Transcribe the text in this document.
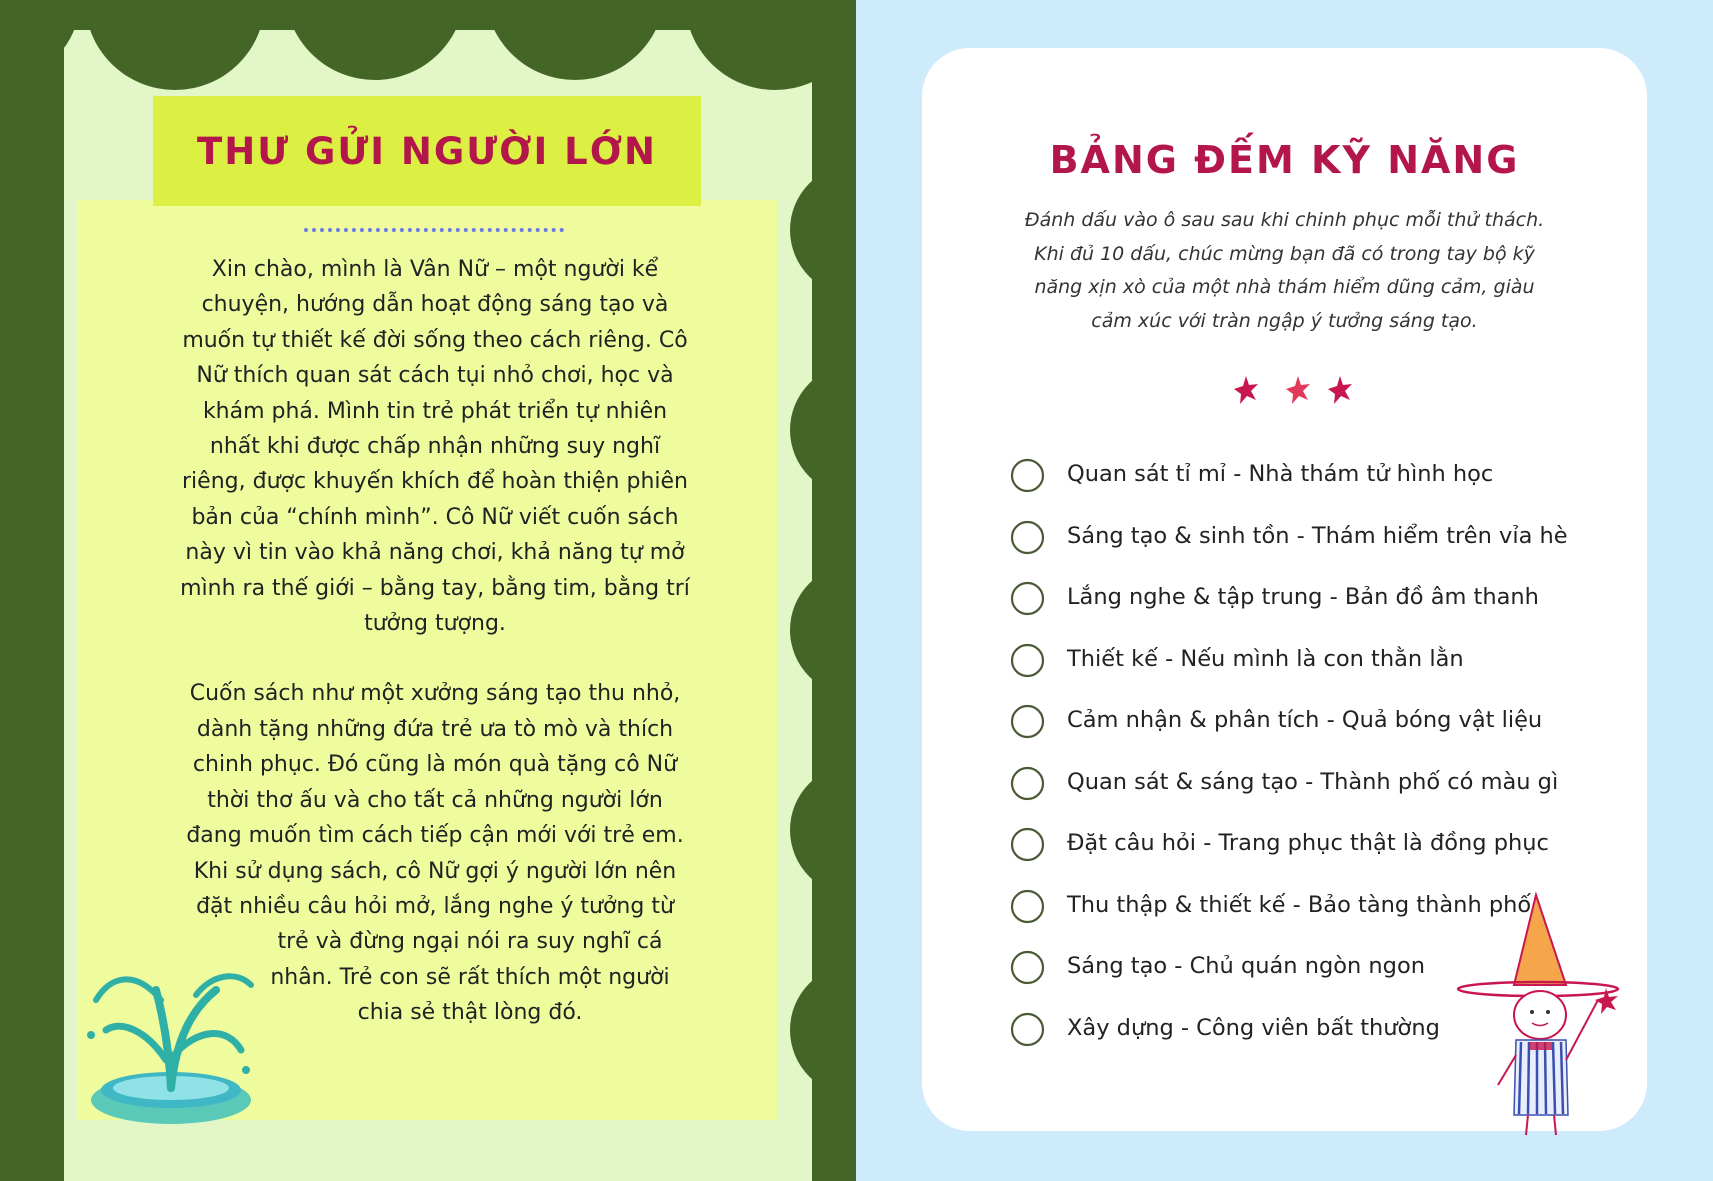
THƯ GỬI NGƯỜI LỚN

Xin chào, mình là Vân Nữ – một người kể chuyện, hướng dẫn hoạt động sáng tạo và muốn tự thiết kế đời sống theo cách riêng. Cô Nữ thích quan sát cách tụi nhỏ chơi, học và khám phá. Mình tin trẻ phát triển tự nhiên nhất khi được chấp nhận những suy nghĩ riêng, được khuyến khích để hoàn thiện phiên bản của “chính mình”. Cô Nữ viết cuốn sách này vì tin vào khả năng chơi, khả năng tự mở mình ra thế giới – bằng tay, bằng tim, bằng trí tưởng tượng.

Cuốn sách như một xưởng sáng tạo thu nhỏ, dành tặng những đứa trẻ ưa tò mò và thích chinh phục. Đó cũng là món quà tặng cô Nữ thời thơ ấu và cho tất cả những người lớn đang muốn tìm cách tiếp cận mới với trẻ em. Khi sử dụng sách, cô Nữ gợi ý người lớn nên đặt nhiều câu hỏi mở, lắng nghe ý tưởng từ

trẻ và đừng ngại nói ra suy nghĩ cá nhân. Trẻ con sẽ rất thích một người chia sẻ thật lòng đó.

BẢNG ĐẾM KỸ NĂNG
Đánh dấu vào ô sau sau khi chinh phục mỗi thử thách. Khi đủ 10 dấu, chúc mừng bạn đã có trong tay bộ kỹ năng xịn xò của một nhà thám hiểm dũng cảm, giàu cảm xúc với tràn ngập ý tưởng sáng tạo.
Quan sát tỉ mỉ - Nhà thám tử hình học
Sáng tạo & sinh tồn - Thám hiểm trên vỉa hè
Lắng nghe & tập trung - Bản đồ âm thanh
Thiết kế - Nếu mình là con thằn lằn
Cảm nhận & phân tích - Quả bóng vật liệu
Quan sát & sáng tạo - Thành phố có màu gì
Đặt câu hỏi - Trang phục thật là đồng phục
Thu thập & thiết kế - Bảo tàng thành phố
Sáng tạo - Chủ quán ngòn ngon
Xây dựng - Công viên bất thường
